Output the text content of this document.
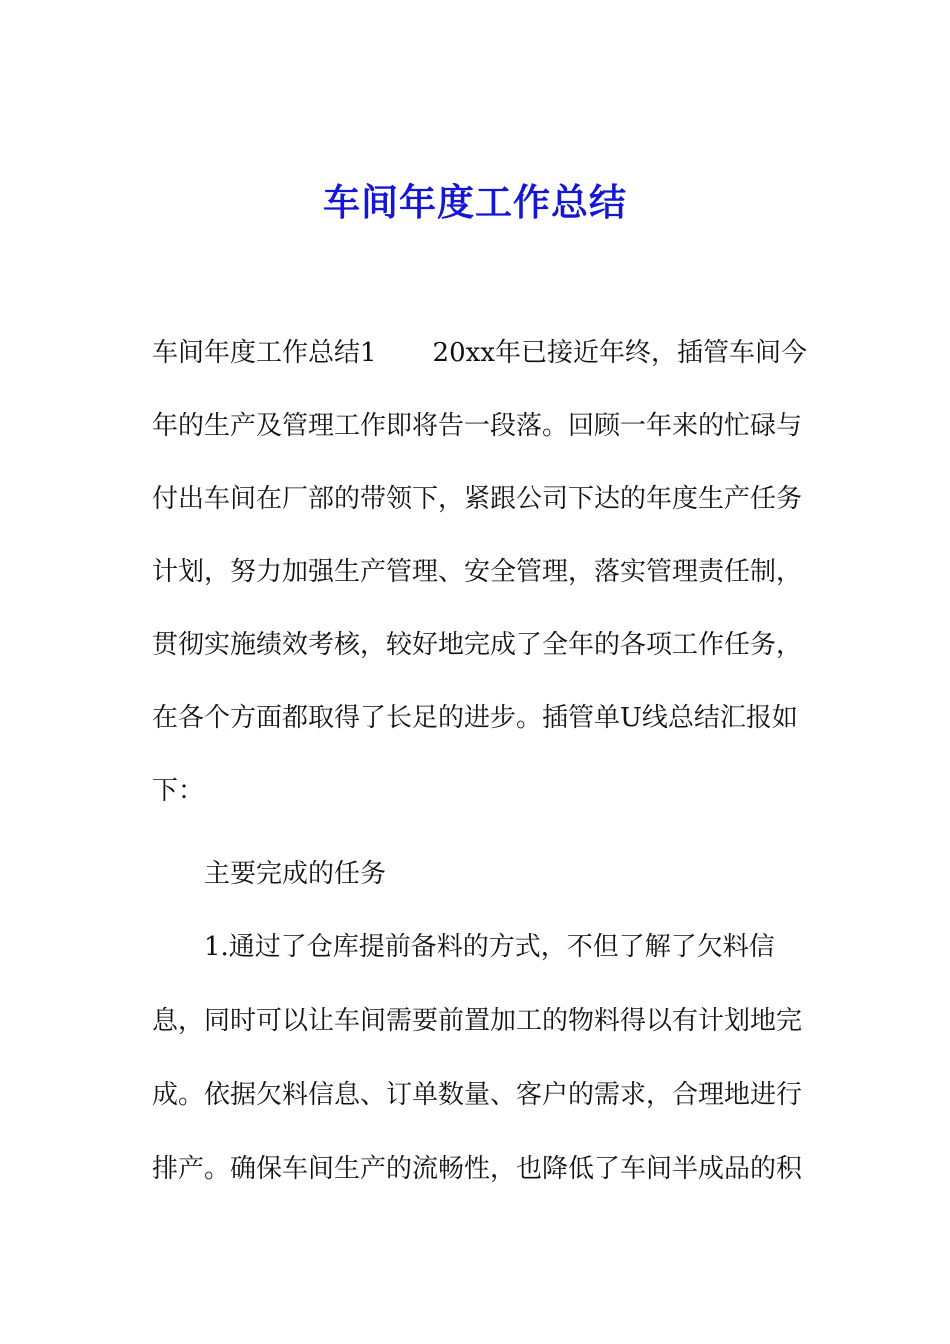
车间年度工作总结
车间年度工作总结1 20xx年已接近年终，插管车间今
年的生产及管理工作即将告一段落。回顾一年来的忙碌与
付出车间在厂部的带领下，紧跟公司下达的年度生产任务
计划，努力加强生产管理、安全管理，落实管理责任制，
贯彻实施绩效考核，较好地完成了全年的各项工作任务，
在各个方面都取得了长足的进步。插管单U线总结汇报如
下：
主要完成的任务
1.通过了仓库提前备料的方式，不但了解了欠料信
息，同时可以让车间需要前置加工的物料得以有计划地完
成。依据欠料信息、订单数量、客户的需求，合理地进行
排产。确保车间生产的流畅性，也降低了车间半成品的积
